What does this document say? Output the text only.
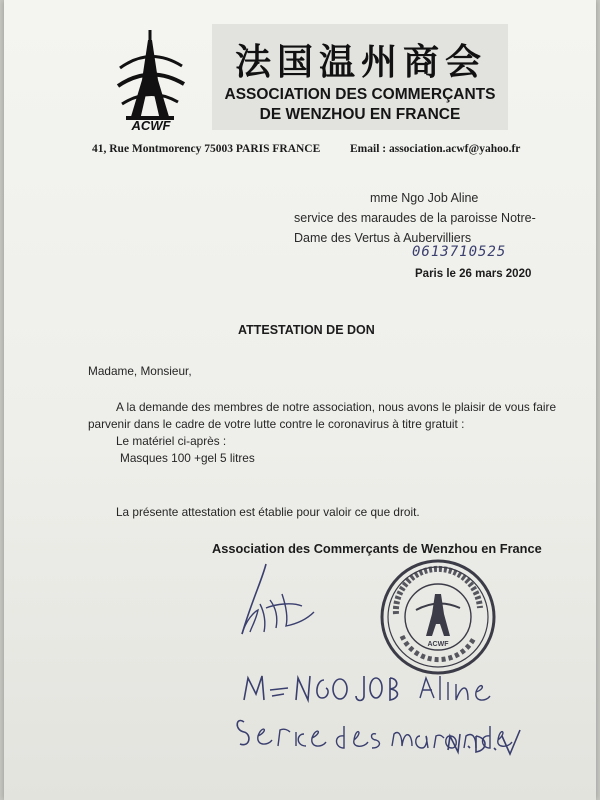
ACWF
法国温州商会
ASSOCIATION DES COMMERÇANTS
DE WENZHOU EN FRANCE
41, Rue Montmorency 75003 PARIS FRANCE	Email : association.acwf@yahoo.fr
mme Ngo Job Aline
service des maraudes de la paroisse Notre-
Dame des Vertus à Aubervilliers
0613710525
Paris le 26 mars 2020
ATTESTATION DE DON
Madame, Monsieur,
A la demande des membres de notre association, nous avons le plaisir de vous faire
parvenir dans le cadre de votre lutte contre le coronavirus à titre gratuit :
Le matériel ci-après :
Masques 100 +gel 5 litres
La présente attestation est établie pour valoir ce que droit.
Association des Commerçants de Wenzhou en France
ACWF
